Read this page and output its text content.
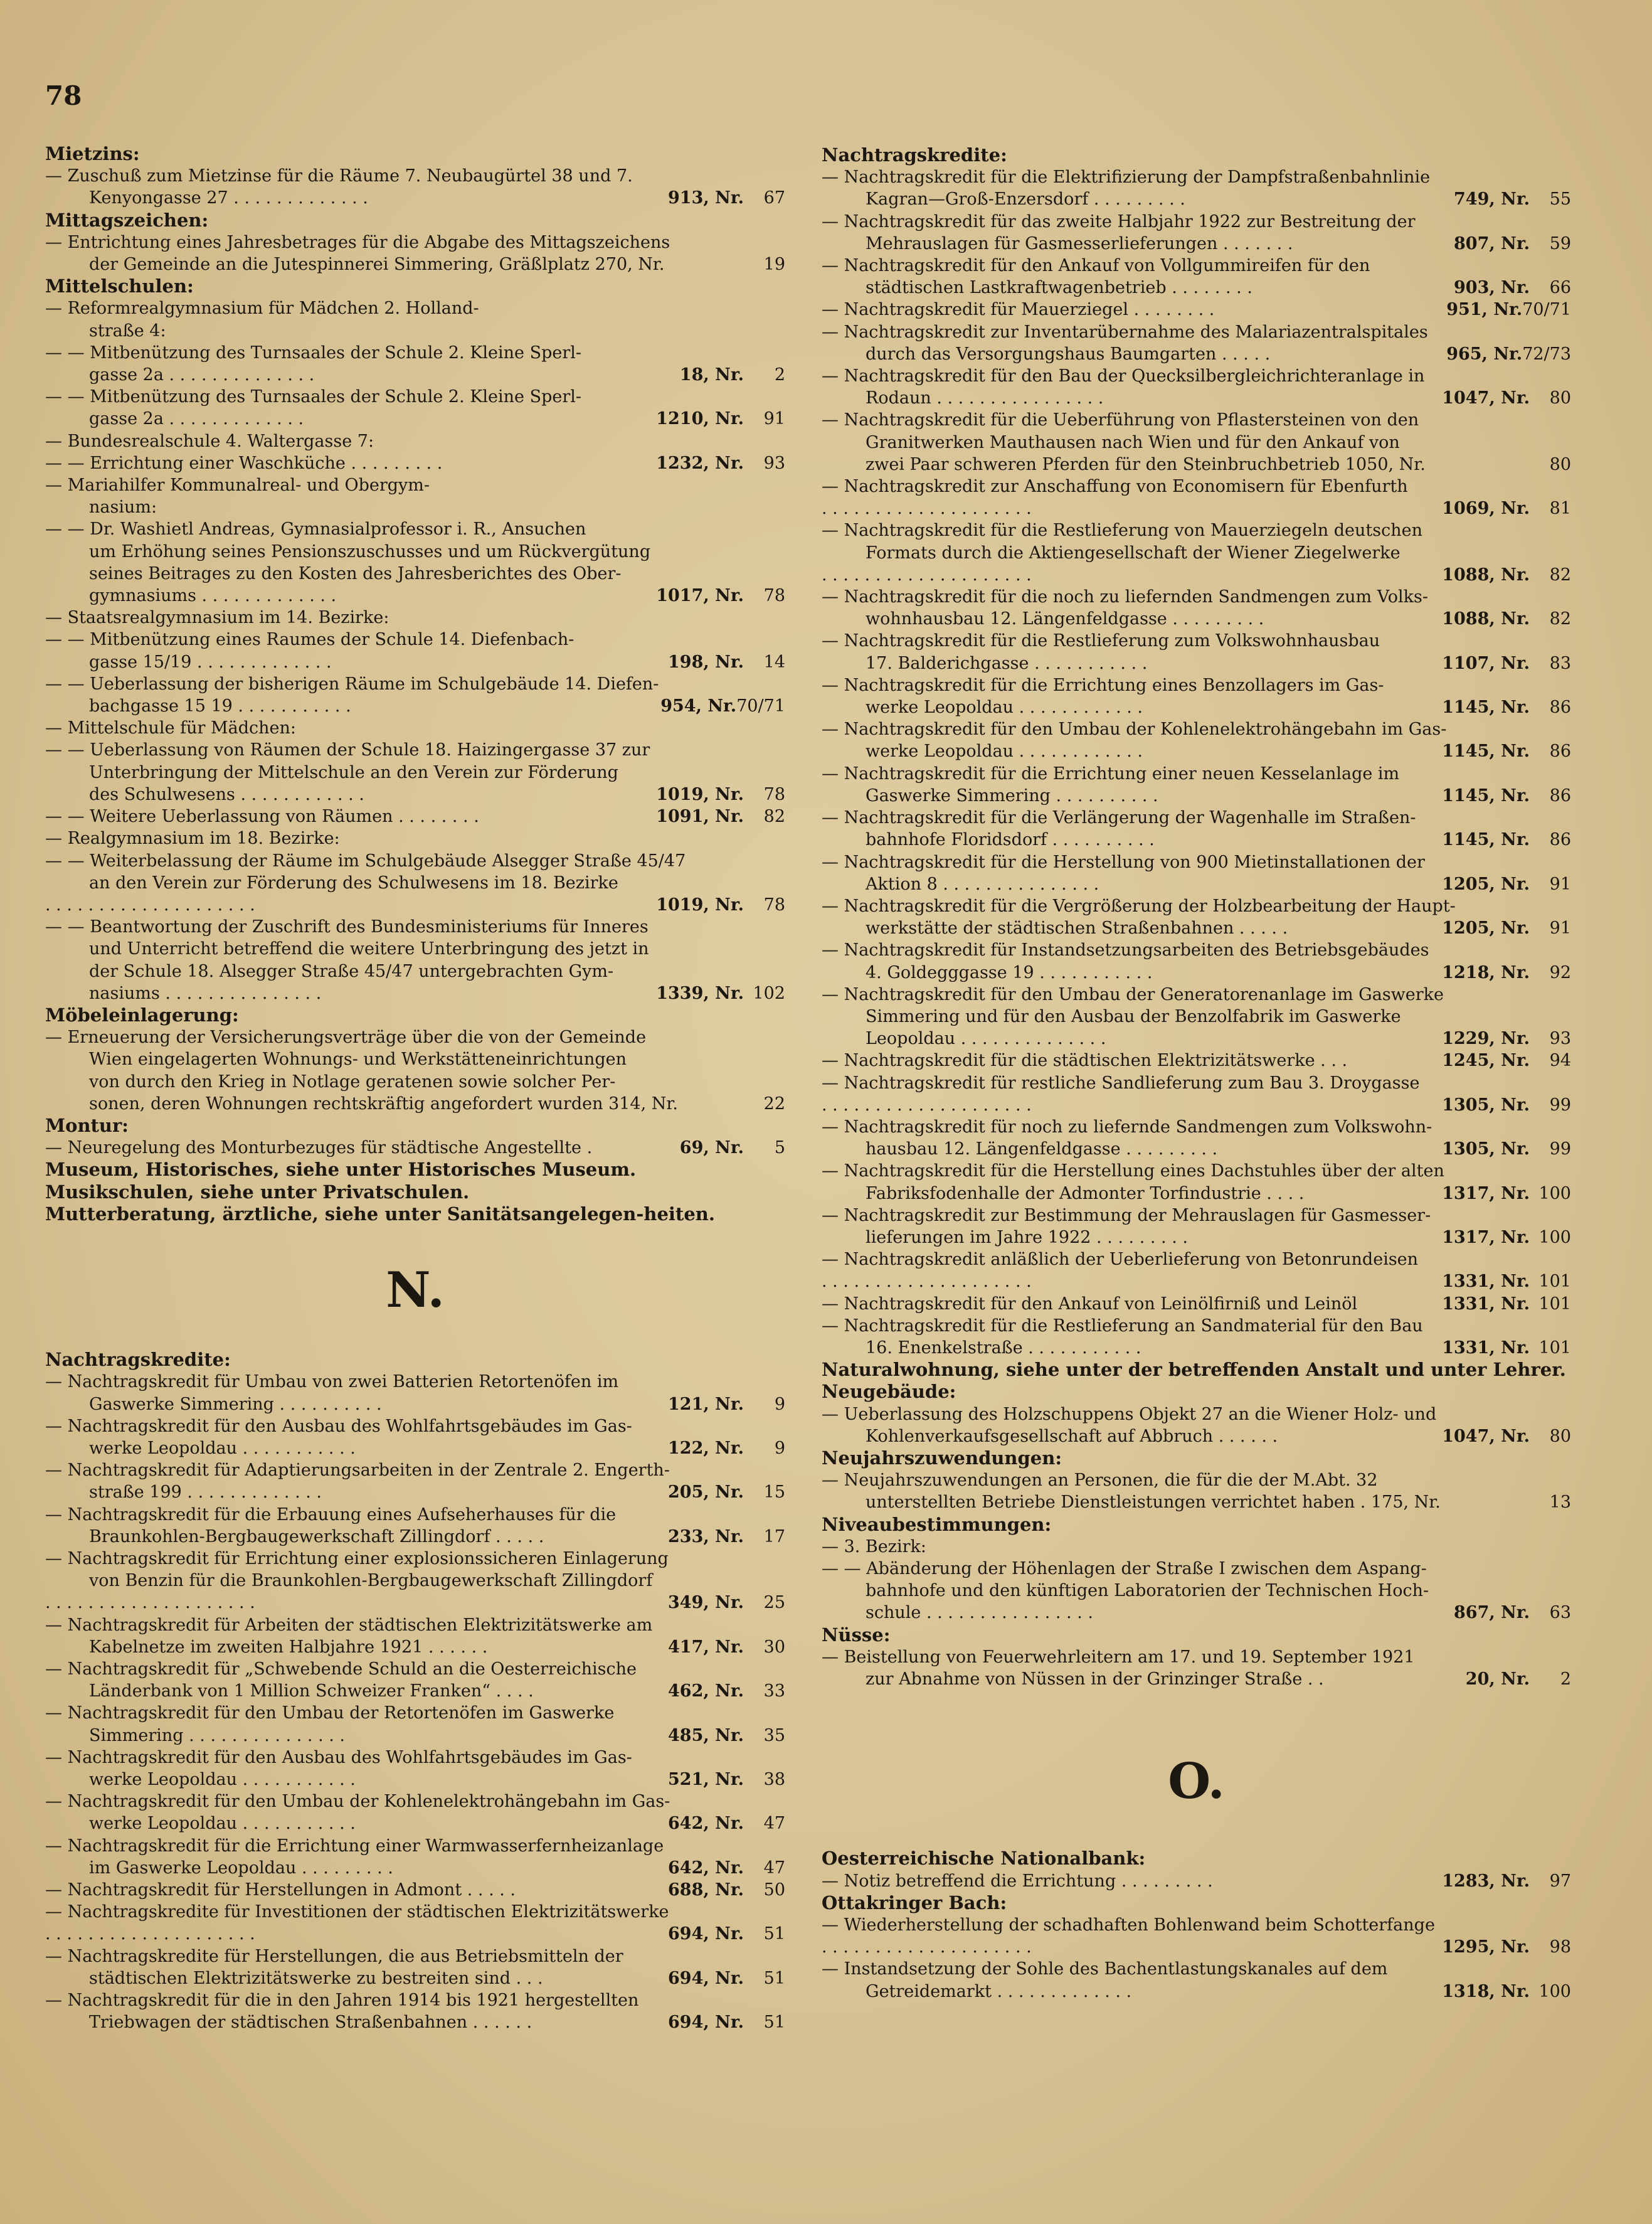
78
Mietzins:
— Zuschuß zum Mietzinse für die Räume 7. Neubaugürtel 38 und 7.
Kenyongasse 27 . . . . . . . . . . . . .	913, Nr.	67
Mittagszeichen:
— Entrichtung eines Jahresbetrages für die Abgabe des Mittagszeichens
der Gemeinde an die Jutespinnerei Simmering, Gräßlplatz 270, Nr.	19
Mittelschulen:
— Reformrealgymnasium für Mädchen 2. Holland-
straße 4:
— — Mitbenützung des Turnsaales der Schule 2. Kleine Sperl-
gasse 2a . . . . . . . . . . . . . .	18, Nr.	2
— — Mitbenützung des Turnsaales der Schule 2. Kleine Sperl-
gasse 2a . . . . . . . . . . . . .	1210, Nr.	91
— Bundesrealschule 4. Waltergasse 7:
— — Errichtung einer Waschküche . . . . . . . . .	1232, Nr.	93
— Mariahilfer Kommunalreal- und Obergym-
nasium:
— — Dr. Washietl Andreas, Gymnasialprofessor i. R., Ansuchen
um Erhöhung seines Pensionszuschusses und um Rückvergütung
seines Beitrages zu den Kosten des Jahresberichtes des Ober-
gymnasiums . . . . . . . . . . . . .	1017, Nr.	78
— Staatsrealgymnasium im 14. Bezirke:
— — Mitbenützung eines Raumes der Schule 14. Diefenbach-
gasse 15/19 . . . . . . . . . . . . .	198, Nr.	14
— — Ueberlassung der bisherigen Räume im Schulgebäude 14. Diefen-
bachgasse 15 19 . . . . . . . . . . .	954, Nr. 70/71
— Mittelschule für Mädchen:
— — Ueberlassung von Räumen der Schule 18. Haizingergasse 37 zur
Unterbringung der Mittelschule an den Verein zur Förderung
des Schulwesens . . . . . . . . . . . .	1019, Nr.	78
— — Weitere Ueberlassung von Räumen . . . . . . . .	1091, Nr.	82
— Realgymnasium im 18. Bezirke:
— — Weiterbelassung der Räume im Schulgebäude Alsegger Straße 45/47
an den Verein zur Förderung des Schulwesens im 18. Bezirke
. . . . . . . . . . . . . . . . . . . .	1019, Nr.	78
— — Beantwortung der Zuschrift des Bundesministeriums für Inneres
und Unterricht betreffend die weitere Unterbringung des jetzt in
der Schule 18. Alsegger Straße 45/47 untergebrachten Gym-
nasiums . . . . . . . . . . . . . . .	1339, Nr. 102
Möbeleinlagerung:
— Erneuerung der Versicherungsverträge über die von der Gemeinde
Wien eingelagerten Wohnungs- und Werkstätteneinrichtungen
von durch den Krieg in Notlage geratenen sowie solcher Per-
sonen, deren Wohnungen rechtskräftig angefordert wurden 314, Nr.	22
Montur:
— Neuregelung des Monturbezuges für städtische Angestellte .	69, Nr.	5
Museum, Historisches, siehe unter Historisches Museum.
Musikschulen, siehe unter Privatschulen.
Mutterberatung, ärztliche, siehe unter Sanitätsangelegen-heiten.
N.
Nachtragskredite:
— Nachtragskredit für Umbau von zwei Batterien Retortenöfen im
Gaswerke Simmering . . . . . . . . . .	121, Nr.	9
— Nachtragskredit für den Ausbau des Wohlfahrtsgebäudes im Gas-
werke Leopoldau . . . . . . . . . . .	122, Nr.	9
— Nachtragskredit für Adaptierungsarbeiten in der Zentrale 2. Engerth-
straße 199 . . . . . . . . . . . . .	205, Nr.	15
— Nachtragskredit für die Erbauung eines Aufseherhauses für die
Braunkohlen-Bergbaugewerkschaft Zillingdorf . . . . .	233, Nr.	17
— Nachtragskredit für Errichtung einer explosionssicheren Einlagerung
von Benzin für die Braunkohlen-Bergbaugewerkschaft Zillingdorf
. . . . . . . . . . . . . . . . . . . .	349, Nr.	25
— Nachtragskredit für Arbeiten der städtischen Elektrizitätswerke am
Kabelnetze im zweiten Halbjahre 1921 . . . . . .	417, Nr.	30
— Nachtragskredit für „Schwebende Schuld an die Oesterreichische
Länderbank von 1 Million Schweizer Franken“ . . . .	462, Nr.	33
— Nachtragskredit für den Umbau der Retortenöfen im Gaswerke
Simmering . . . . . . . . . . . . . . .	485, Nr.	35
— Nachtragskredit für den Ausbau des Wohlfahrtsgebäudes im Gas-
werke Leopoldau . . . . . . . . . . .	521, Nr.	38
— Nachtragskredit für den Umbau der Kohlenelektrohängebahn im Gas-
werke Leopoldau . . . . . . . . . . .	642, Nr.	47
— Nachtragskredit für die Errichtung einer Warmwasserfernheizanlage
im Gaswerke Leopoldau . . . . . . . . .	642, Nr.	47
— Nachtragskredit für Herstellungen in Admont . . . . .	688, Nr.	50
— Nachtragskredite für Investitionen der städtischen Elektrizitätswerke
. . . . . . . . . . . . . . . . . . . .	694, Nr.	51
— Nachtragskredite für Herstellungen, die aus Betriebsmitteln der
städtischen Elektrizitätswerke zu bestreiten sind . . .	694, Nr.	51
— Nachtragskredit für die in den Jahren 1914 bis 1921 hergestellten
Triebwagen der städtischen Straßenbahnen . . . . . .	694, Nr.	51
Nachtragskredite:
— Nachtragskredit für die Elektrifizierung der Dampfstraßenbahnlinie
Kagran—Groß-Enzersdorf . . . . . . . . .	749, Nr.	55
— Nachtragskredit für das zweite Halbjahr 1922 zur Bestreitung der
Mehrauslagen für Gasmesserlieferungen . . . . . . .	807, Nr.	59
— Nachtragskredit für den Ankauf von Vollgummireifen für den
städtischen Lastkraftwagenbetrieb . . . . . . . .	903, Nr.	66
— Nachtragskredit für Mauerziegel . . . . . . . .	951, Nr. 70/71
— Nachtragskredit zur Inventarübernahme des Malariazentralspitales
durch das Versorgungshaus Baumgarten . . . . .	965, Nr. 72/73
— Nachtragskredit für den Bau der Quecksilbergleichrichteranlage in
Rodaun . . . . . . . . . . . . . . . .	1047, Nr.	80
— Nachtragskredit für die Ueberführung von Pflastersteinen von den
Granitwerken Mauthausen nach Wien und für den Ankauf von
zwei Paar schweren Pferden für den Steinbruchbetrieb 1050, Nr.	80
— Nachtragskredit zur Anschaffung von Economisern für Ebenfurth
. . . . . . . . . . . . . . . . . . . .	1069, Nr.	81
— Nachtragskredit für die Restlieferung von Mauerziegeln deutschen
Formats durch die Aktiengesellschaft der Wiener Ziegelwerke
. . . . . . . . . . . . . . . . . . . .	1088, Nr.	82
— Nachtragskredit für die noch zu liefernden Sandmengen zum Volks-
wohnhausbau 12. Längenfeldgasse . . . . . . . . .	1088, Nr.	82
— Nachtragskredit für die Restlieferung zum Volkswohnhausbau
17. Balderichgasse . . . . . . . . . . .	1107, Nr.	83
— Nachtragskredit für die Errichtung eines Benzollagers im Gas-
werke Leopoldau . . . . . . . . . . . .	1145, Nr.	86
— Nachtragskredit für den Umbau der Kohlenelektrohängebahn im Gas-
werke Leopoldau . . . . . . . . . . . .	1145, Nr.	86
— Nachtragskredit für die Errichtung einer neuen Kesselanlage im
Gaswerke Simmering . . . . . . . . . .	1145, Nr.	86
— Nachtragskredit für die Verlängerung der Wagenhalle im Straßen-
bahnhofe Floridsdorf . . . . . . . . . .	1145, Nr.	86
— Nachtragskredit für die Herstellung von 900 Mietinstallationen der
Aktion 8 . . . . . . . . . . . . . . .	1205, Nr.	91
— Nachtragskredit für die Vergrößerung der Holzbearbeitung der Haupt-
werkstätte der städtischen Straßenbahnen . . . . .	1205, Nr.	91
— Nachtragskredit für Instandsetzungsarbeiten des Betriebsgebäudes
4. Goldegggasse 19 . . . . . . . . . . .	1218, Nr.	92
— Nachtragskredit für den Umbau der Generatorenanlage im Gaswerke
Simmering und für den Ausbau der Benzolfabrik im Gaswerke
Leopoldau . . . . . . . . . . . . . .	1229, Nr.	93
— Nachtragskredit für die städtischen Elektrizitätswerke . . .	1245, Nr.	94
— Nachtragskredit für restliche Sandlieferung zum Bau 3. Droygasse
. . . . . . . . . . . . . . . . . . . .	1305, Nr.	99
— Nachtragskredit für noch zu liefernde Sandmengen zum Volkswohn-
hausbau 12. Längenfeldgasse . . . . . . . . .	1305, Nr.	99
— Nachtragskredit für die Herstellung eines Dachstuhles über der alten
Fabriksfodenhalle der Admonter Torfindustrie . . . .	1317, Nr. 100
— Nachtragskredit zur Bestimmung der Mehrauslagen für Gasmesser-
lieferungen im Jahre 1922 . . . . . . . . .	1317, Nr. 100
— Nachtragskredit anläßlich der Ueberlieferung von Betonrundeisen
. . . . . . . . . . . . . . . . . . . .	1331, Nr. 101
— Nachtragskredit für den Ankauf von Leinölfirniß und Leinöl	1331, Nr. 101
— Nachtragskredit für die Restlieferung an Sandmaterial für den Bau
16. Enenkelstraße . . . . . . . . . . .	1331, Nr. 101
Naturalwohnung, siehe unter der betreffenden Anstalt und unter Lehrer.
Neugebäude:
— Ueberlassung des Holzschuppens Objekt 27 an die Wiener Holz- und
Kohlenverkaufsgesellschaft auf Abbruch . . . . . .	1047, Nr.	80
Neujahrszuwendungen:
— Neujahrszuwendungen an Personen, die für die der M.Abt. 32
unterstellten Betriebe Dienstleistungen verrichtet haben . 175, Nr.	13
Niveaubestimmungen:
— 3. Bezirk:
— — Abänderung der Höhenlagen der Straße I zwischen dem Aspang-
bahnhofe und den künftigen Laboratorien der Technischen Hoch-
schule . . . . . . . . . . . . . . . .	867, Nr.	63
Nüsse:
— Beistellung von Feuerwehrleitern am 17. und 19. September 1921
zur Abnahme von Nüssen in der Grinzinger Straße . .	20, Nr.	2
O.
Oesterreichische Nationalbank:
— Notiz betreffend die Errichtung . . . . . . . . .	1283, Nr.	97
Ottakringer Bach:
— Wiederherstellung der schadhaften Bohlenwand beim Schotterfange
. . . . . . . . . . . . . . . . . . . .	1295, Nr.	98
— Instandsetzung der Sohle des Bachentlastungskanales auf dem
Getreidemarkt . . . . . . . . . . . . .	1318, Nr. 100
